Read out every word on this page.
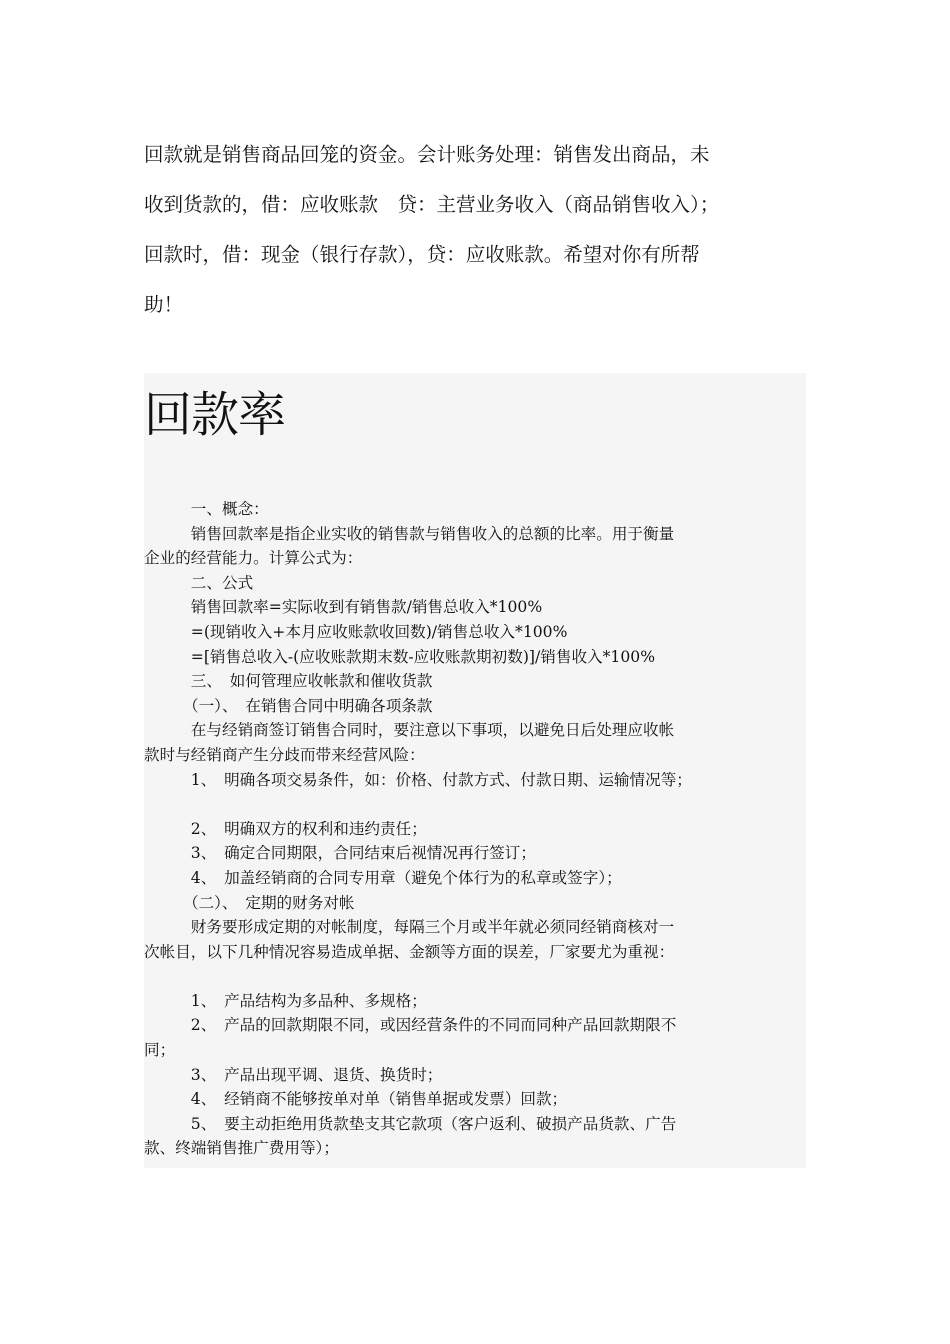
回款就是销售商品回笼的资金。会计账务处理：销售发出商品，未
收到货款的，借：应收账款　贷：主营业务收入（商品销售收入）；
回款时，借：现金（银行存款），贷：应收账款。希望对你有所帮
助！
回款率

　　　一、概念：

　　　销售回款率是指企业实收的销售款与销售收入的总额的比率。用于衡量

企业的经营能力。计算公式为：

　　　二、公式

　　　销售回款率=实际收到有销售款/销售总收入*100%

　　　=(现销收入+本月应收账款收回数)/销售总收入*100%

　　　=[销售总收入-(应收账款期末数-应收账款期初数)]/销售收入*100%

　　　三、　如何管理应收帐款和催收货款

　　　（一）、　在销售合同中明确各项条款

　　　在与经销商签订销售合同时，要注意以下事项，以避免日后处理应收帐

款时与经销商产生分歧而带来经营风险：

　　　1、　明确各项交易条件，如：价格、付款方式、付款日期、运输情况等；

　　　2、　明确双方的权利和违约责任；

　　　3、　确定合同期限，合同结束后视情况再行签订；

　　　4、　加盖经销商的合同专用章（避免个体行为的私章或签字）；

　　　（二）、　定期的财务对帐

　　　财务要形成定期的对帐制度，每隔三个月或半年就必须同经销商核对一

次帐目，以下几种情况容易造成单据、金额等方面的误差，厂家要尤为重视：

　　　1、　产品结构为多品种、多规格；

　　　2、　产品的回款期限不同，或因经营条件的不同而同种产品回款期限不

同；

　　　3、　产品出现平调、退货、换货时；

　　　4、　经销商不能够按单对单（销售单据或发票）回款；

　　　5、　要主动拒绝用货款垫支其它款项（客户返利、破损产品货款、广告

款、终端销售推广费用等）；
